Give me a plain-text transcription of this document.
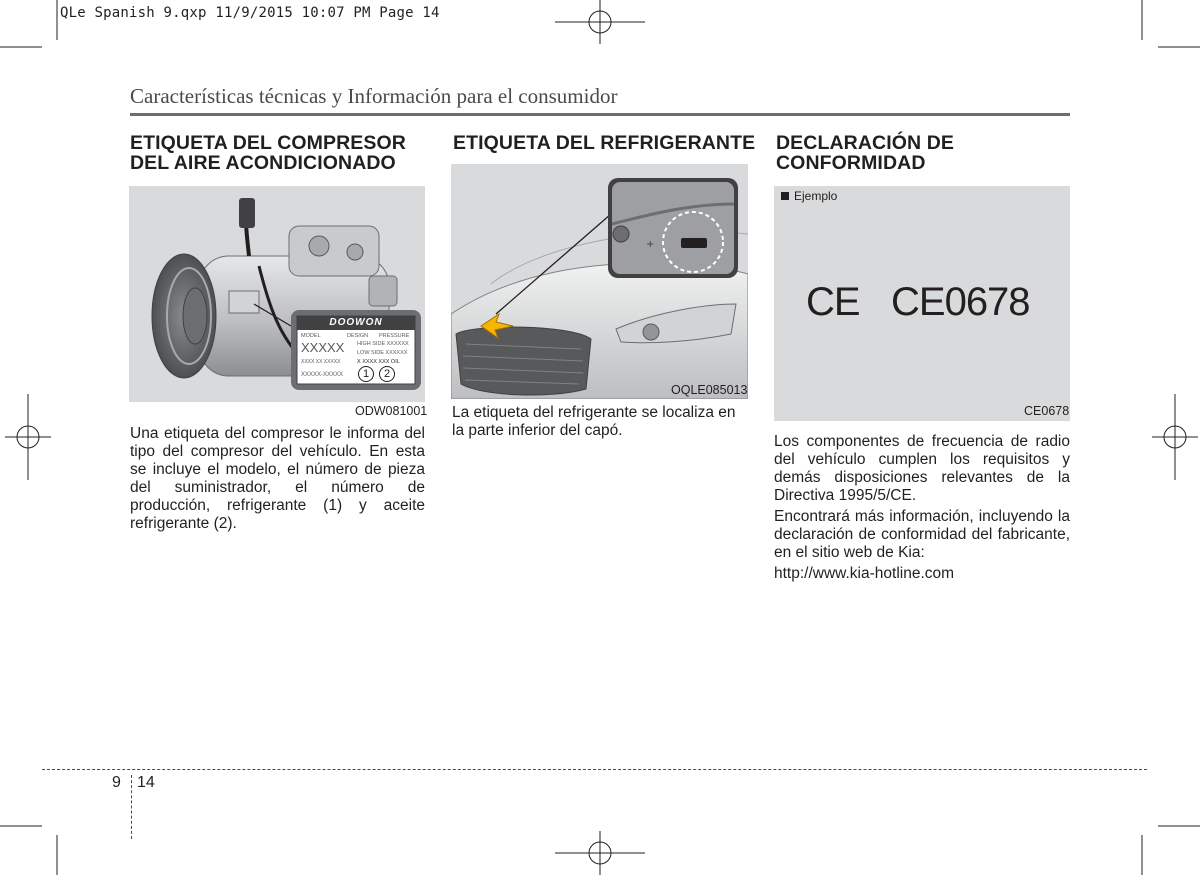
QLe Spanish 9.qxp 11/9/2015 10:07 PM Page 14
Características técnicas y Información para el consumidor
ETIQUETA DEL COMPRESOR
DEL AIRE ACONDICIONADO
DOOWON
MODEL	DESIGN PRESSURE
XXXXX HIGH SIDE XXXXXX
LOW SIDE XXXXXX
XXXX XX XXXXX	X XXXX XXX OIL
XXXXX-XXXXX	1	2
ODW081001

Una etiqueta del compresor le informa del tipo del compresor del vehículo. En esta se incluye el modelo, el número de pieza del suministrador, el número de producción, refrigerante (1) y aceite refrigerante (2).

ETIQUETA DEL REFRIGERANTE
+
OQLE085013

La etiqueta del refrigerante se localiza en la parte inferior del capó.

DECLARACIÓN DE
CONFORMIDAD
Ejemplo
CE CE0678
CE0678

Los componentes de frecuencia de radio del vehículo cumplen los requisitos y demás disposiciones relevantes de la Directiva 1995/5/CE.

Encontrará más información, incluyendo la declaración de conformidad del fabricante, en el sitio web de Kia:

http://www.kia-hotline.com

9 14
